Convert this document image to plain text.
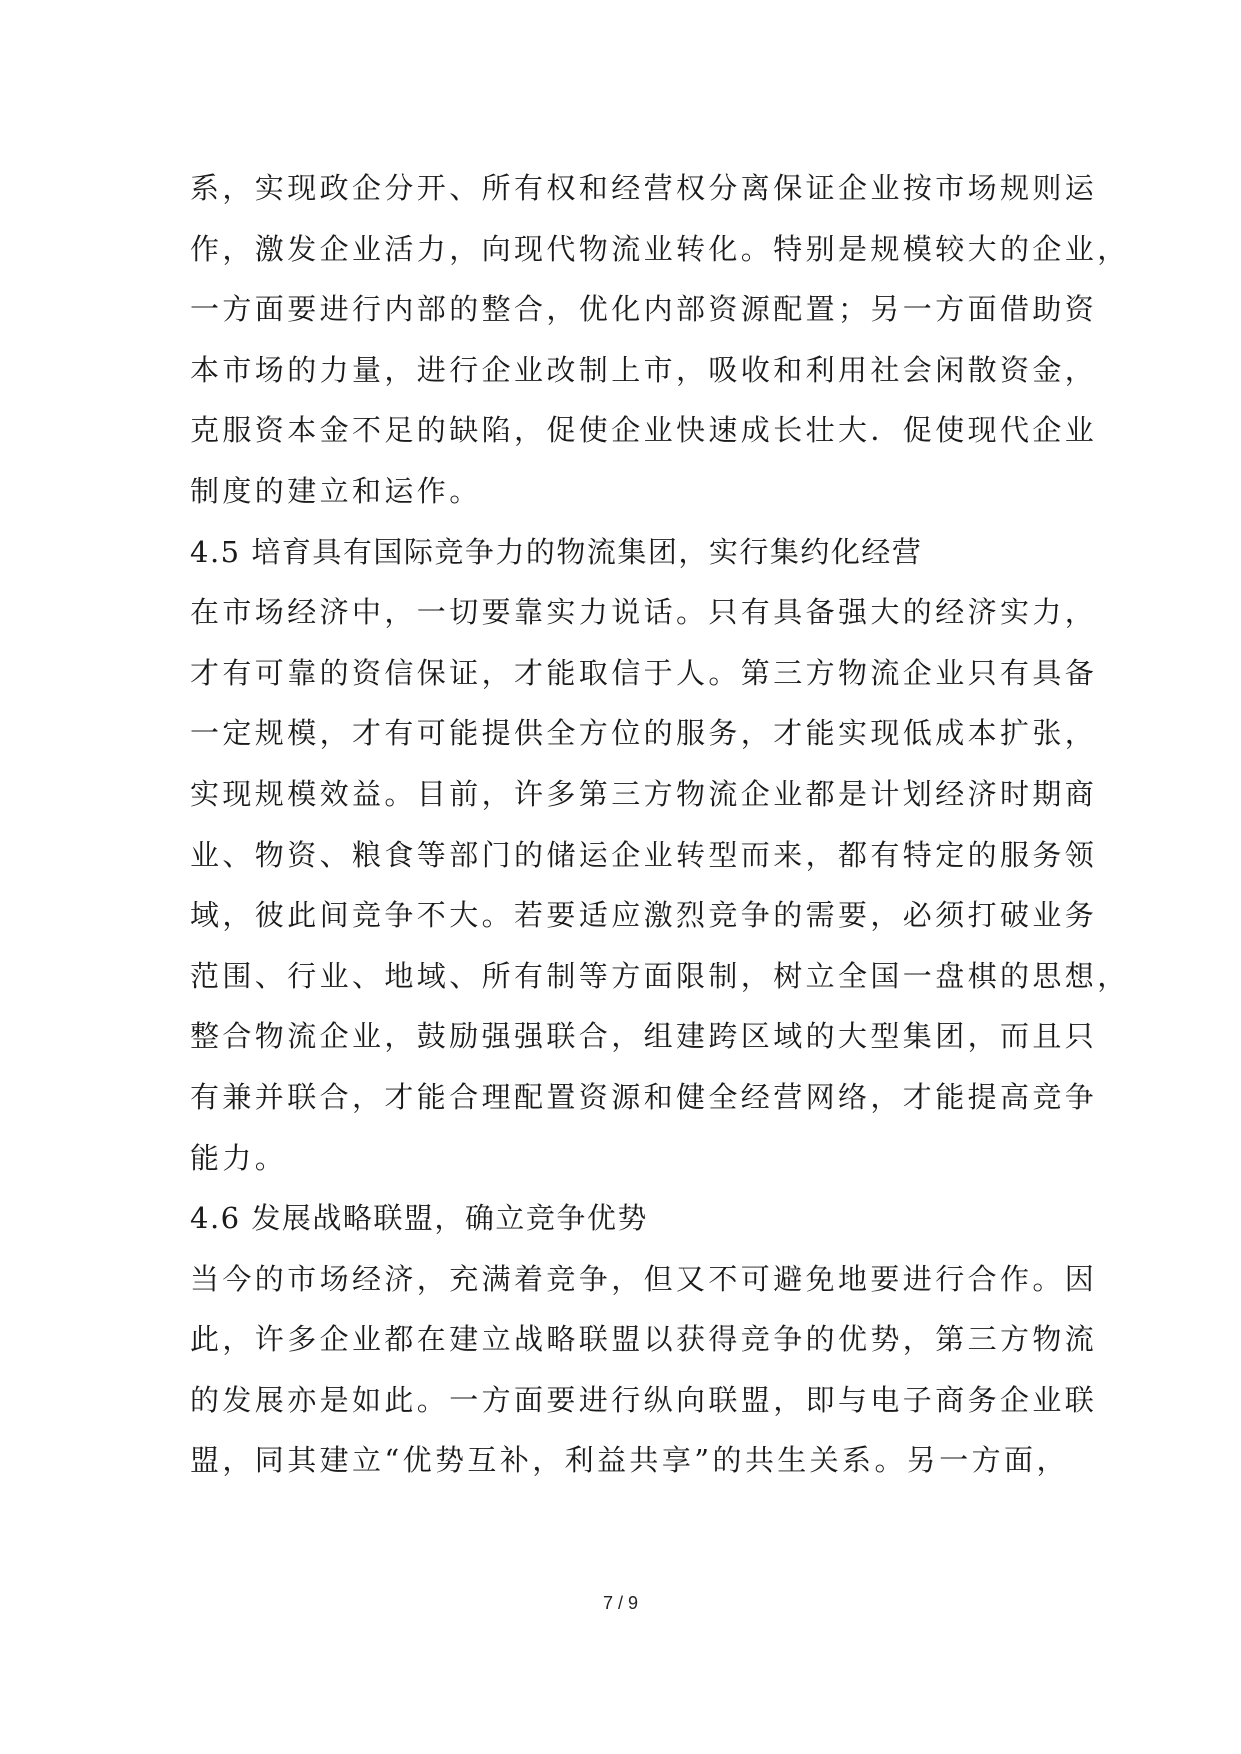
系，实现政企分开、所有权和经营权分离保证企业按市场规则运
作，激发企业活力，向现代物流业转化。特别是规模较大的企业，
一方面要进行内部的整合，优化内部资源配置；另一方面借助资
本市场的力量，进行企业改制上市，吸收和利用社会闲散资金，
克服资本金不足的缺陷，促使企业快速成长壮大．促使现代企业
制度的建立和运作。
4.5 培育具有国际竞争力的物流集团，实行集约化经营
在市场经济中，一切要靠实力说话。只有具备强大的经济实力，
才有可靠的资信保证，才能取信于人。第三方物流企业只有具备
一定规模，才有可能提供全方位的服务，才能实现低成本扩张，
实现规模效益。目前，许多第三方物流企业都是计划经济时期商
业、物资、粮食等部门的储运企业转型而来，都有特定的服务领
域，彼此间竞争不大。若要适应激烈竞争的需要，必须打破业务
范围、行业、地域、所有制等方面限制，树立全国一盘棋的思想，
整合物流企业，鼓励强强联合，组建跨区域的大型集团，而且只
有兼并联合，才能合理配置资源和健全经营网络，才能提高竞争
能力。
4.6 发展战略联盟，确立竞争优势
当今的市场经济，充满着竞争，但又不可避免地要进行合作。因
此，许多企业都在建立战略联盟以获得竞争的优势，第三方物流
的发展亦是如此。一方面要进行纵向联盟，即与电子商务企业联
盟，同其建立“优势互补，利益共享”的共生关系。另一方面，
7 / 9
